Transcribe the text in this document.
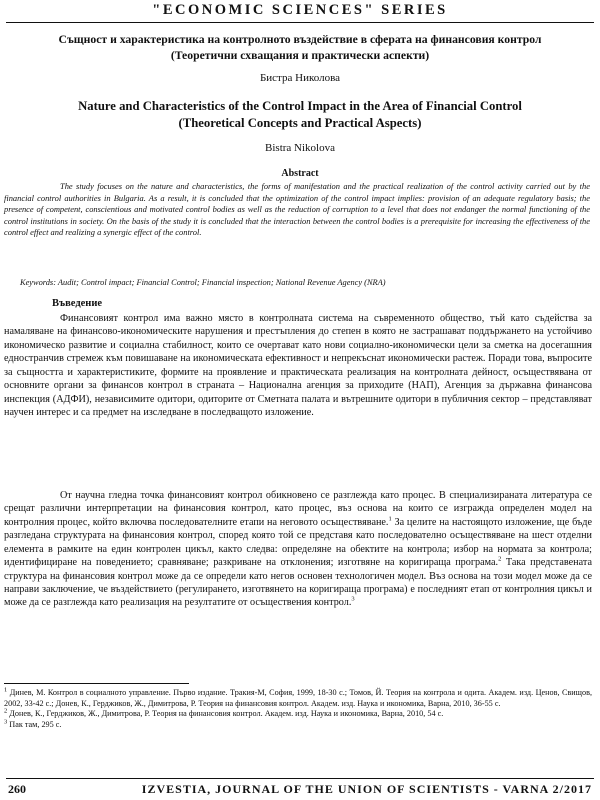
"ECONOMIC SCIENCES" SERIES
Същност и характеристика на контролното въздействие в сферата на финансовия контрол (Теоретични схващания и практически аспекти)
Бистра Николова
Nature and Characteristics of the Control Impact in the Area of Financial Control (Theoretical Concepts and Practical Aspects)
Bistra Nikolova
Abstract
The study focuses on the nature and characteristics, the forms of manifestation and the practical realization of the control activity carried out by the financial control authorities in Bulgaria. As a result, it is concluded that the optimization of the control impact implies: provision of an adequate regulatory basis; the presence of competent, conscientious and motivated control bodies as well as the reduction of corruption to a level that does not endanger the normal functioning of the control institutions in society. On the basis of the study it is concluded that the interaction between the control bodies is a prerequisite for increasing the effectiveness of the control effect and realizing a synergic effect of the control.
Keywords: Audit; Control impact; Financial Control; Financial inspection; National Revenue Agency (NRA)
Въведение
Финансовият контрол има важно място в контролната система на съвременното общество, тъй като съдейства за намаляване на финансово-икономическите нарушения и престъпления до степен в която не застрашават поддържането на устойчиво икономическо развитие и социална стабилност, които се очертават като нови социално-икономически цели за сметка на досегашния едностранчив стремеж към повишаване на икономическата ефективност и непрекъснат икономически растеж. Поради това, въпросите за същността и характеристиките, формите на проявление и практическата реализация на контролната дейност, осъществявана от основните органи за финансов контрол в страната – Национална агенция за приходите (НАП), Агенция за държавна финансова инспекция (АДФИ), независимите одитори, одиторите от Сметната палата и вътрешните одитори в публичния сектор – представляват научен интерес и са предмет на изследване в последващото изложение.
От научна гледна точка финансовият контрол обикновено се разглежда като процес. В специализираната литература се срещат различни интерпретации на финансовия контрол, като процес, въз основа на които се изгражда определен модел на контролния процес, който включва последователните етапи на неговото осъществяване.$^1$ За целите на настоящото изложение, ще бъде разгледана структурата на финансовия контрол, според която той се представя като последователно осъществяване на шест отделни елемента в рамките на един контролен цикъл, както следва: определяне на обектите на контрола; избор на нормата за контрола; идентифициране на поведението; сравняване; разкриване на отклонения; изготвяне на коригираща програма.$^2$ Така представената структура на финансовия контрол може да се определи като негов основен технологичен модел. Въз основа на този модел може да се направи заключение, че въздействието (регулирането, изготвянето на коригираща програма) е последният етап от контролния цикъл и може да се разглежда като реализация на резултатите от осъществения контрол.$^3$
$^1$ Динев, М. Контрол в социалното управление. Първо издание. Тракия-М, София, 1999, 18-30 с.; Томов, Й. Теория на контрола и одита. Академ. изд. Ценов, Свищов, 2002, 33-42 с.; Донев, К., Герджиков, Ж., Димитрова, Р. Теория на финансовия контрол. Академ. изд. Наука и икономика, Варна, 2010, 36-55 с.
$^2$ Донев, К., Герджиков, Ж., Димитрова, Р. Теория на финансовия контрол. Академ. изд. Наука и икономика, Варна, 2010, 54 с.
$^3$ Пак там, 295 с.
260	IZVESTIA, JOURNAL OF THE UNION OF SCIENTISTS - VARNA 2/2017
